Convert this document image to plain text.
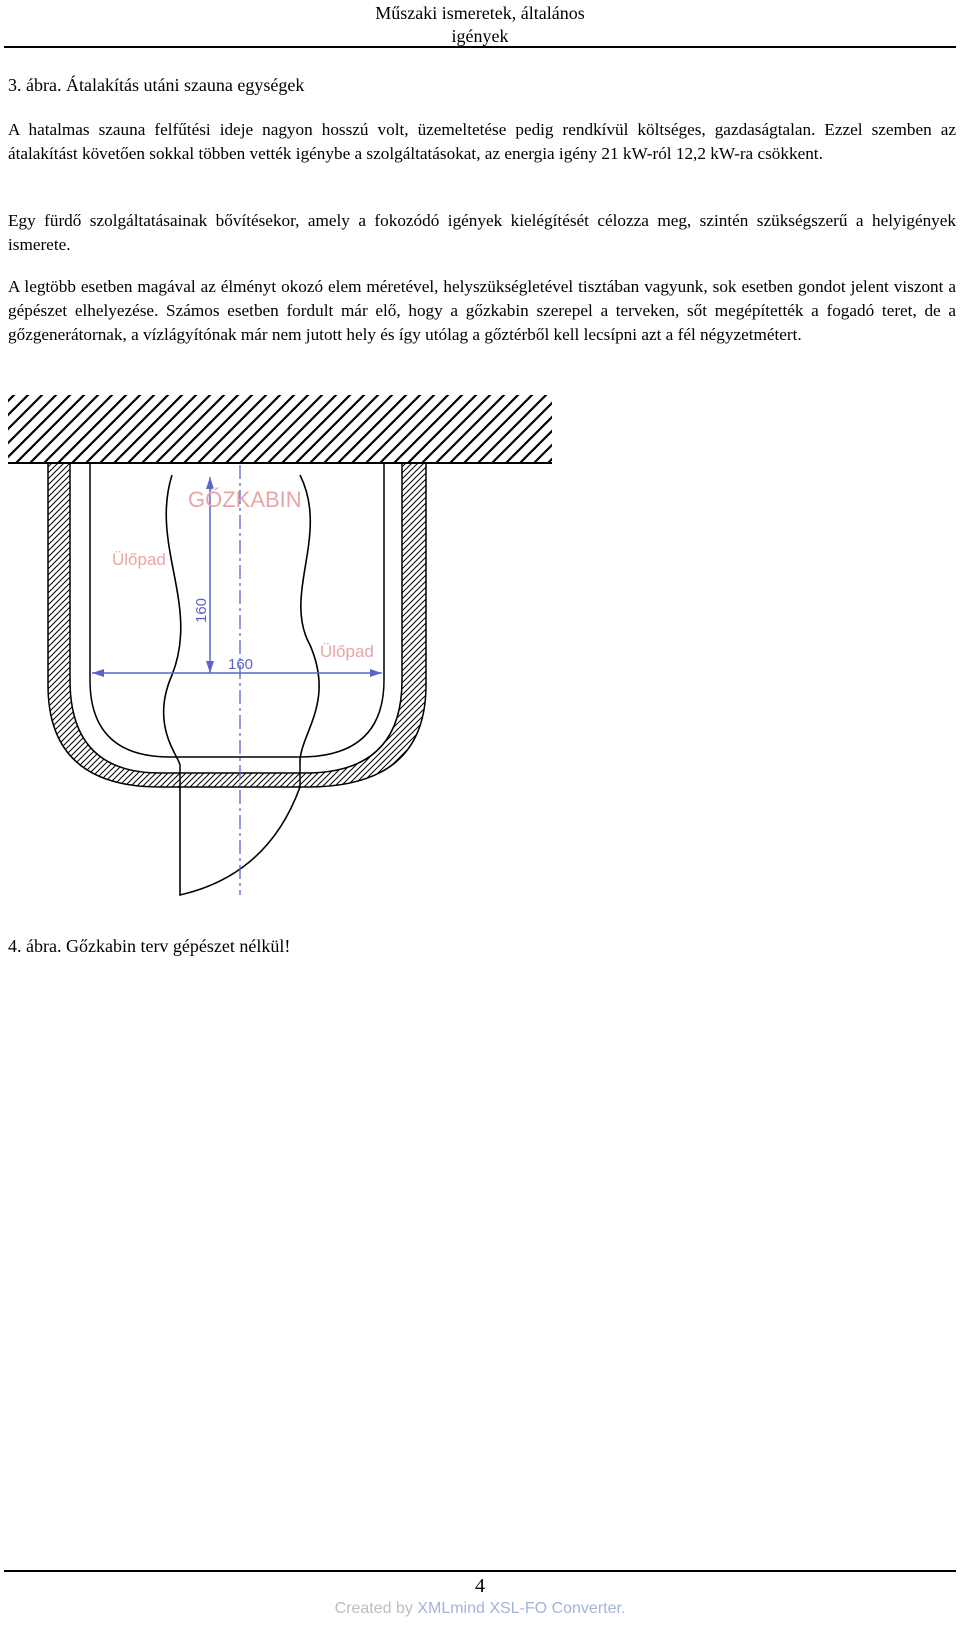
Műszaki ismeretek, általános
igények
3. ábra. Átalakítás utáni szauna egységek

A hatalmas szauna felfűtési ideje nagyon hosszú volt, üzemeltetése pedig rendkívül költséges, gazdaságtalan. Ezzel szemben az átalakítást követően sokkal többen vették igénybe a szolgáltatásokat, az energia igény 21 kW-ról 12,2 kW-ra csökkent.

Egy fürdő szolgáltatásainak bővítésekor, amely a fokozódó igények kielégítését célozza meg, szintén szükségszerű a helyigények ismerete.

A legtöbb esetben magával az élményt okozó elem méretével, helyszükségletével tisztában vagyunk, sok esetben gondot jelent viszont a gépészet elhelyezése. Számos esetben fordult már elő, hogy a gőzkabin szerepel a terveken, sőt megépítették a fogadó teret, de a gőzgenerátornak, a vízlágyítónak már nem jutott hely és így utólag a gőztérből kell lecsípni azt a fél négyzetmétert.

GŐZKABIN
Ülőpad
Ülőpad
160
160
4. ábra. Gőzkabin terv gépészet nélkül!
4
Created by XMLmind XSL-FO Converter.
